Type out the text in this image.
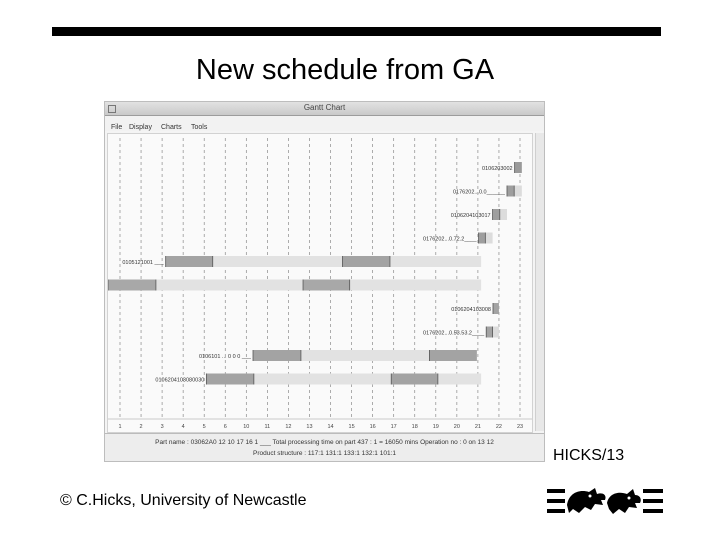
New schedule from GA
Gantt Chart
File Display Charts Tools
1	2	3	4	5	6	10	11	12	13	14	15	16	17	18	19	20	21	22	23
0106203002
0176202...0.0______
0106204103017
0176202...0.72.2____
0105121001 ___
0106204103008
0176202...0.53.53.2____
0106101 ... 0 0 0 ___
0106204103080030
Part name : 03062A0 12 10 17 16 1 ___ Total processing time on part 437 : 1 = 16050 mins Operation no : 0 on 13 12
Product structure : 117:1 131:1 133:1 132:1 101:1	HICKS/13
© C.Hicks, University of Newcastle
